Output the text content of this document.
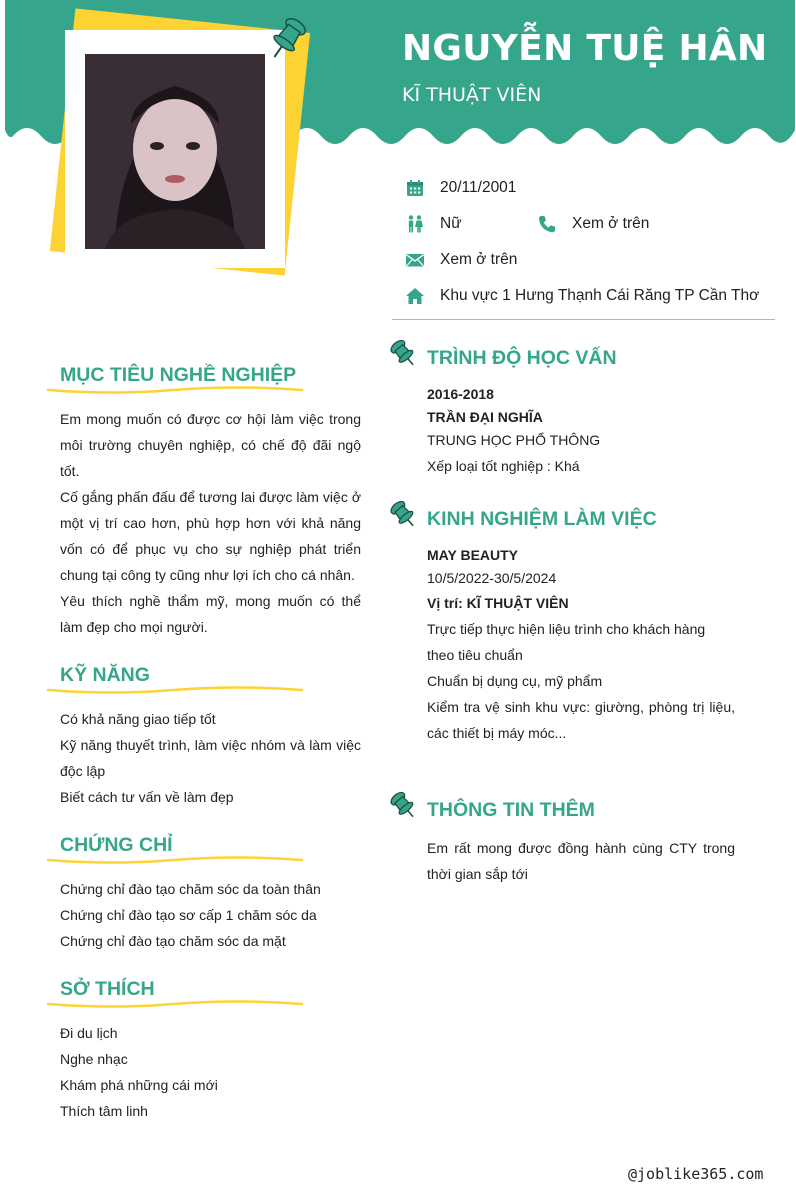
NGUYỄN TUỆ HÂN
KĨ THUẬT VIÊN
20/11/2001
Nữ	Xem ở trên
Xem ở trên
Khu vực 1 Hưng Thạnh Cái Răng TP Cần Thơ
MỤC TIÊU NGHỀ NGHIỆP

Em mong muốn có được cơ hội làm việc trong môi trường chuyên nghiệp, có chế độ đãi ngộ tốt.

Cố gắng phấn đấu để tương lai được làm việc ở một vị trí cao hơn, phù hợp hơn với khả năng vốn có để phục vụ cho sự nghiệp phát triển chung tại công ty cũng như lợi ích cho cá nhân.

Yêu thích nghề thẩm mỹ, mong muốn có thể làm đẹp cho mọi người.

KỸ NĂNG

Có khả năng giao tiếp tốt

Kỹ năng thuyết trình, làm việc nhóm và làm việc độc lập

Biết cách tư vấn về làm đẹp

CHỨNG CHỈ

Chứng chỉ đào tạo chăm sóc da toàn thân

Chứng chỉ đào tạo sơ cấp 1 chăm sóc da

Chứng chỉ đào tạo chăm sóc da mặt

SỞ THÍCH

Đi du lịch

Nghe nhạc

Khám phá những cái mới

Thích tâm linh

TRÌNH ĐỘ HỌC VẤN
2016-2018
TRẦN ĐẠI NGHĨA
TRUNG HỌC PHỔ THÔNG
Xếp loại tốt nghiệp : Khá
KINH NGHIỆM LÀM VIỆC
MAY BEAUTY
10/5/2022-30/5/2024
Vị trí: KĨ THUẬT VIÊN
Trực tiếp thực hiện liệu trình cho khách hàng theo tiêu chuẩn
Chuẩn bị dụng cụ, mỹ phẩm
Kiểm tra vệ sinh khu vực: giường, phòng trị liệu, các thiết bị máy móc...
THÔNG TIN THÊM
Em rất mong được đồng hành cùng CTY trong thời gian sắp tới
@joblike365.com
